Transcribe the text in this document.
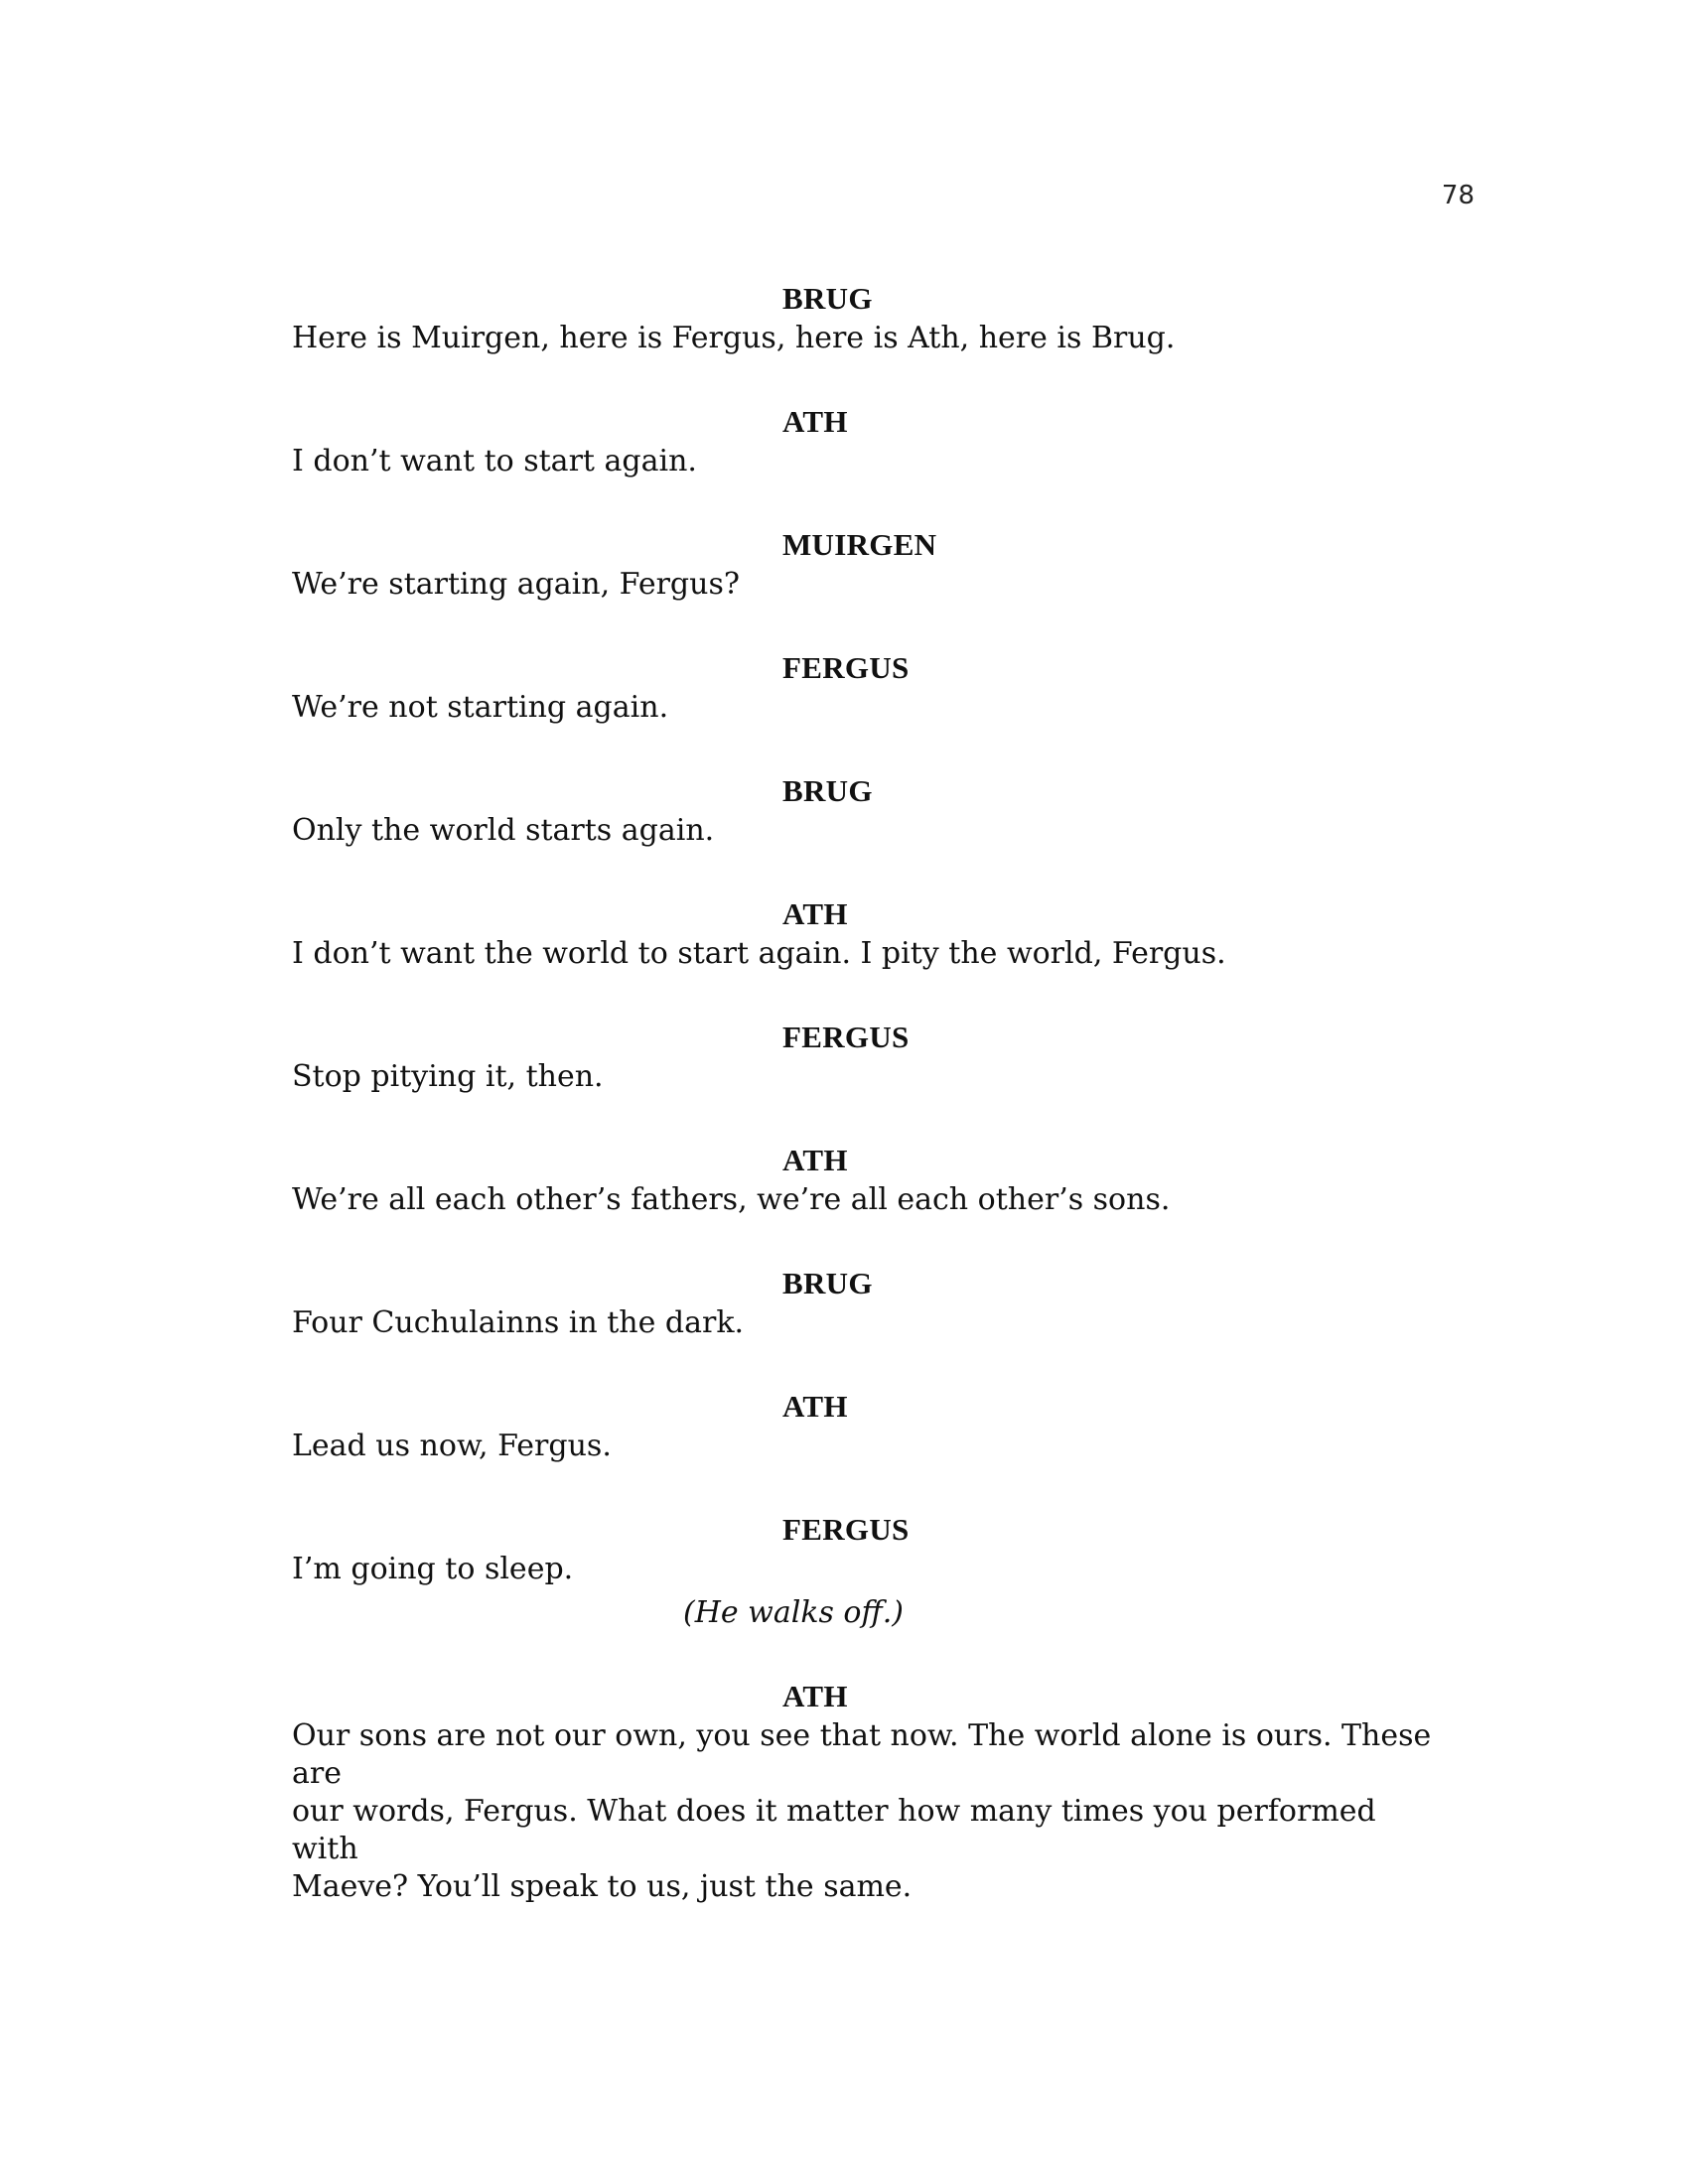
78
BRUG

Here is Muirgen, here is Fergus, here is Ath, here is Brug.

ATH

I don’t want to start again.

MUIRGEN

We’re starting again, Fergus?

FERGUS

We’re not starting again.

BRUG

Only the world starts again.

ATH

I don’t want the world to start again. I pity the world, Fergus.

FERGUS

Stop pitying it, then.

ATH

We’re all each other’s fathers, we’re all each other’s sons.

BRUG

Four Cuchulainns in the dark.

ATH

Lead us now, Fergus.

FERGUS

I’m going to sleep.

(He walks off.)
ATH

Our sons are not our own, you see that now. The world alone is ours. These are
our words, Fergus. What does it matter how many times you performed with
Maeve? You’ll speak to us, just the same.
